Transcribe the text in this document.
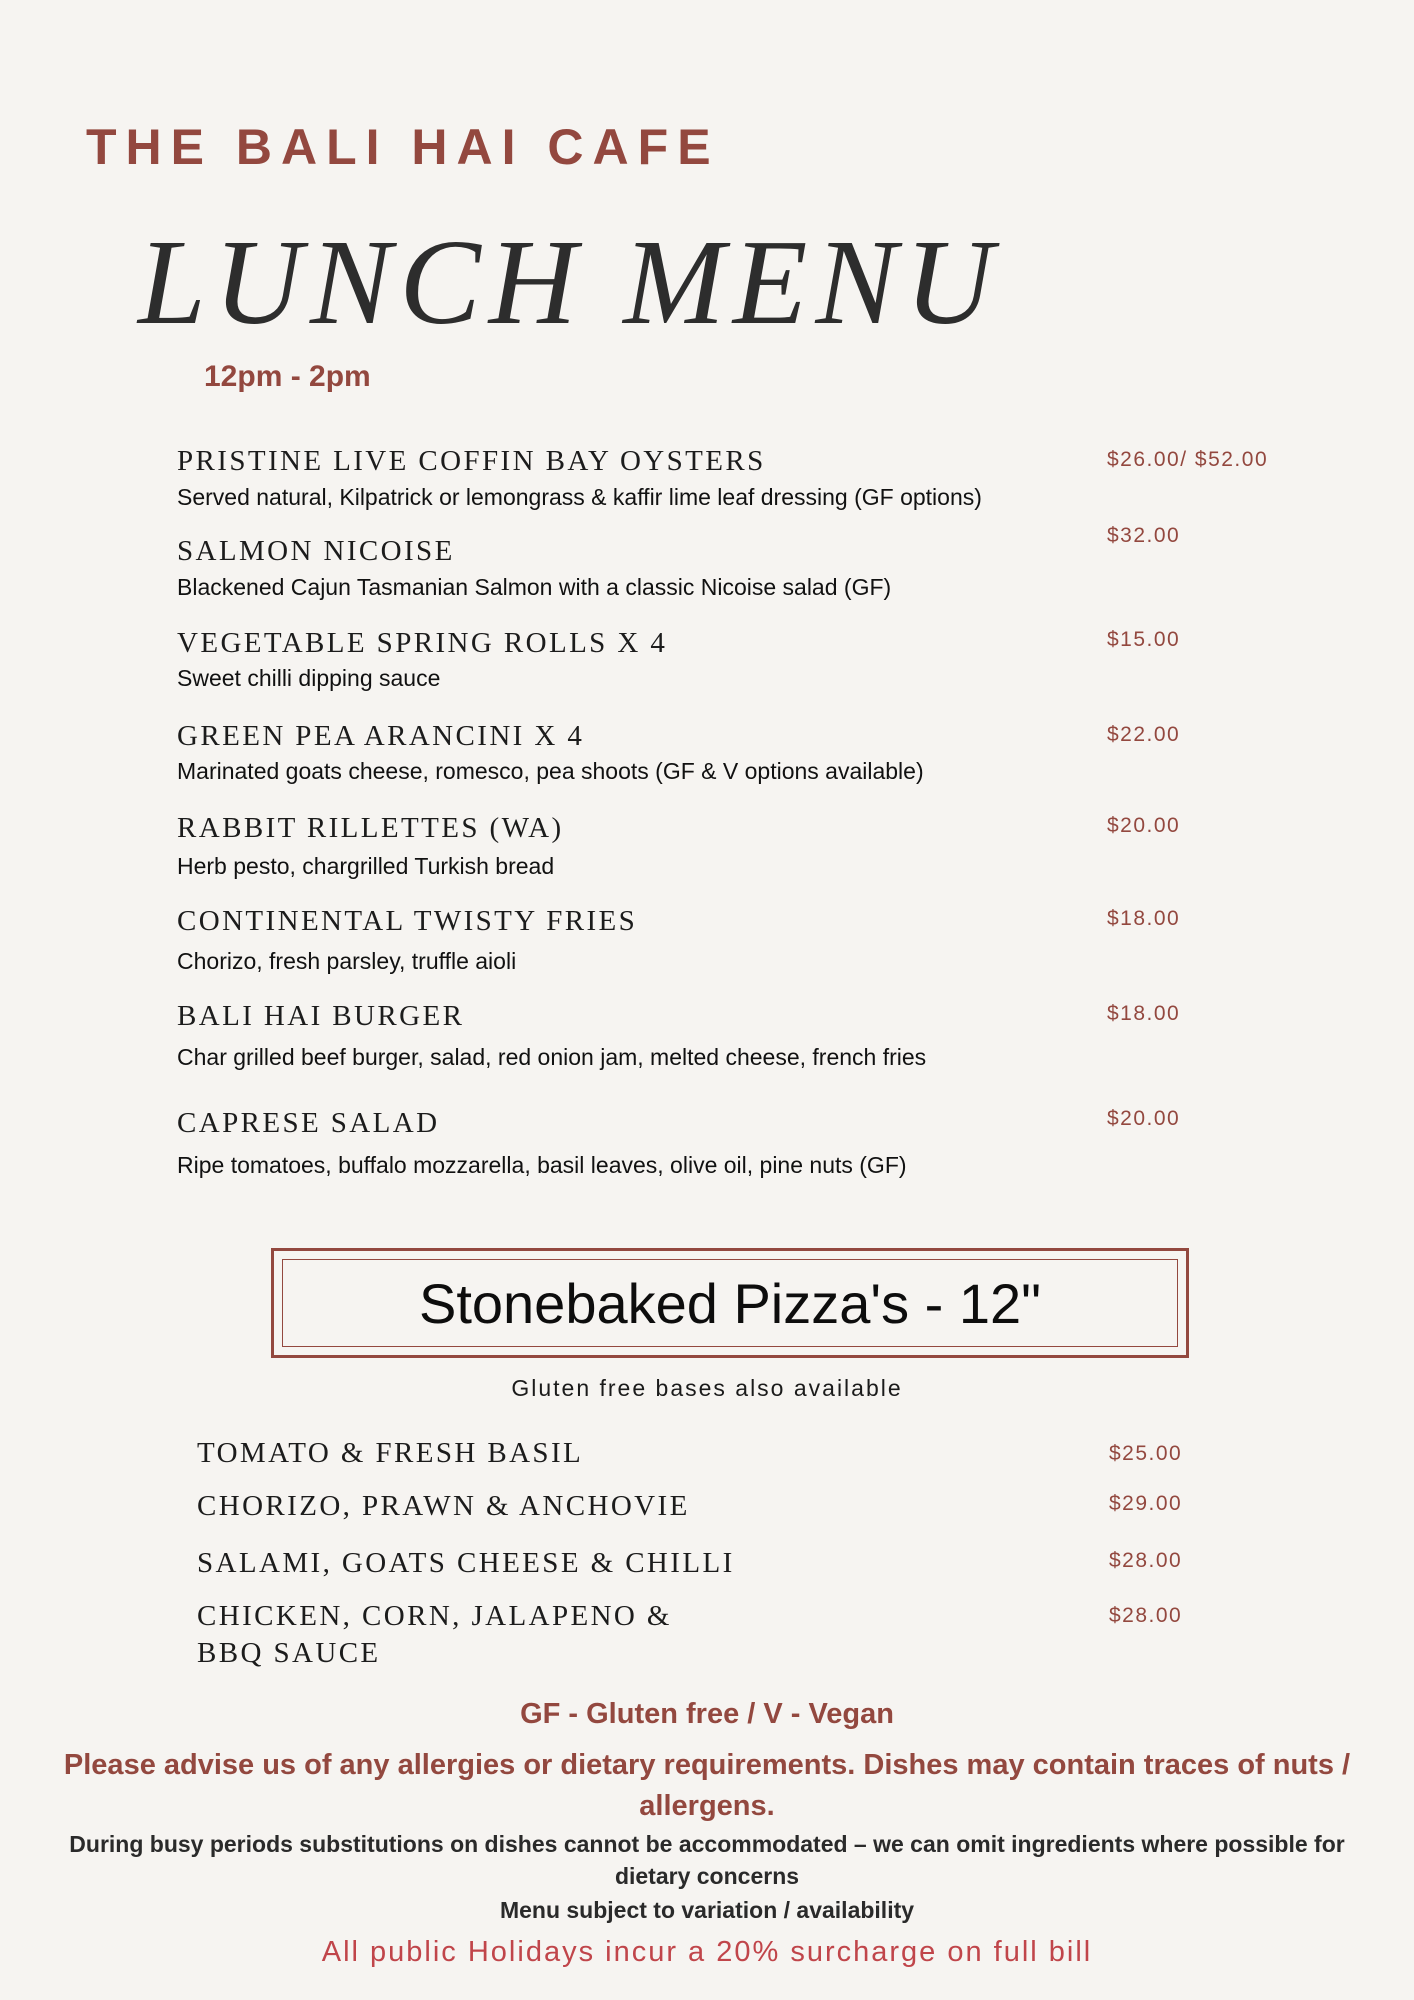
THE BALI HAI CAFE
LUNCH MENU
12pm - 2pm
PRISTINE LIVE COFFIN BAY OYSTERS
Served natural, Kilpatrick or lemongrass & kaffir lime leaf dressing (GF options)
$26.00/ $52.00
SALMON NICOISE
Blackened Cajun Tasmanian Salmon with a classic Nicoise salad (GF)
$32.00
VEGETABLE SPRING ROLLS X 4
Sweet chilli dipping sauce
$15.00
GREEN PEA ARANCINI X 4
Marinated goats cheese, romesco, pea shoots (GF & V options available)
$22.00
RABBIT RILLETTES (WA)
Herb pesto, chargrilled Turkish bread
$20.00
CONTINENTAL TWISTY FRIES
Chorizo, fresh parsley, truffle aioli
$18.00
BALI HAI BURGER
Char grilled beef burger, salad, red onion jam, melted cheese, french fries
$18.00
CAPRESE SALAD
Ripe tomatoes, buffalo mozzarella, basil leaves, olive oil, pine nuts (GF)
$20.00
Stonebaked Pizza's - 12"
Gluten free bases also available
TOMATO & FRESH BASIL	$25.00
CHORIZO, PRAWN & ANCHOVIE	$29.00
SALAMI, GOATS CHEESE & CHILLI	$28.00
CHICKEN, CORN, JALAPENO &
BBQ SAUCE
$28.00
GF - Gluten free / V - Vegan
Please advise us of any allergies or dietary requirements. Dishes may contain traces of nuts / allergens.
During busy periods substitutions on dishes cannot be accommodated – we can omit ingredients where possible for dietary concerns
Menu subject to variation / availability
All public Holidays incur a 20% surcharge on full bill
